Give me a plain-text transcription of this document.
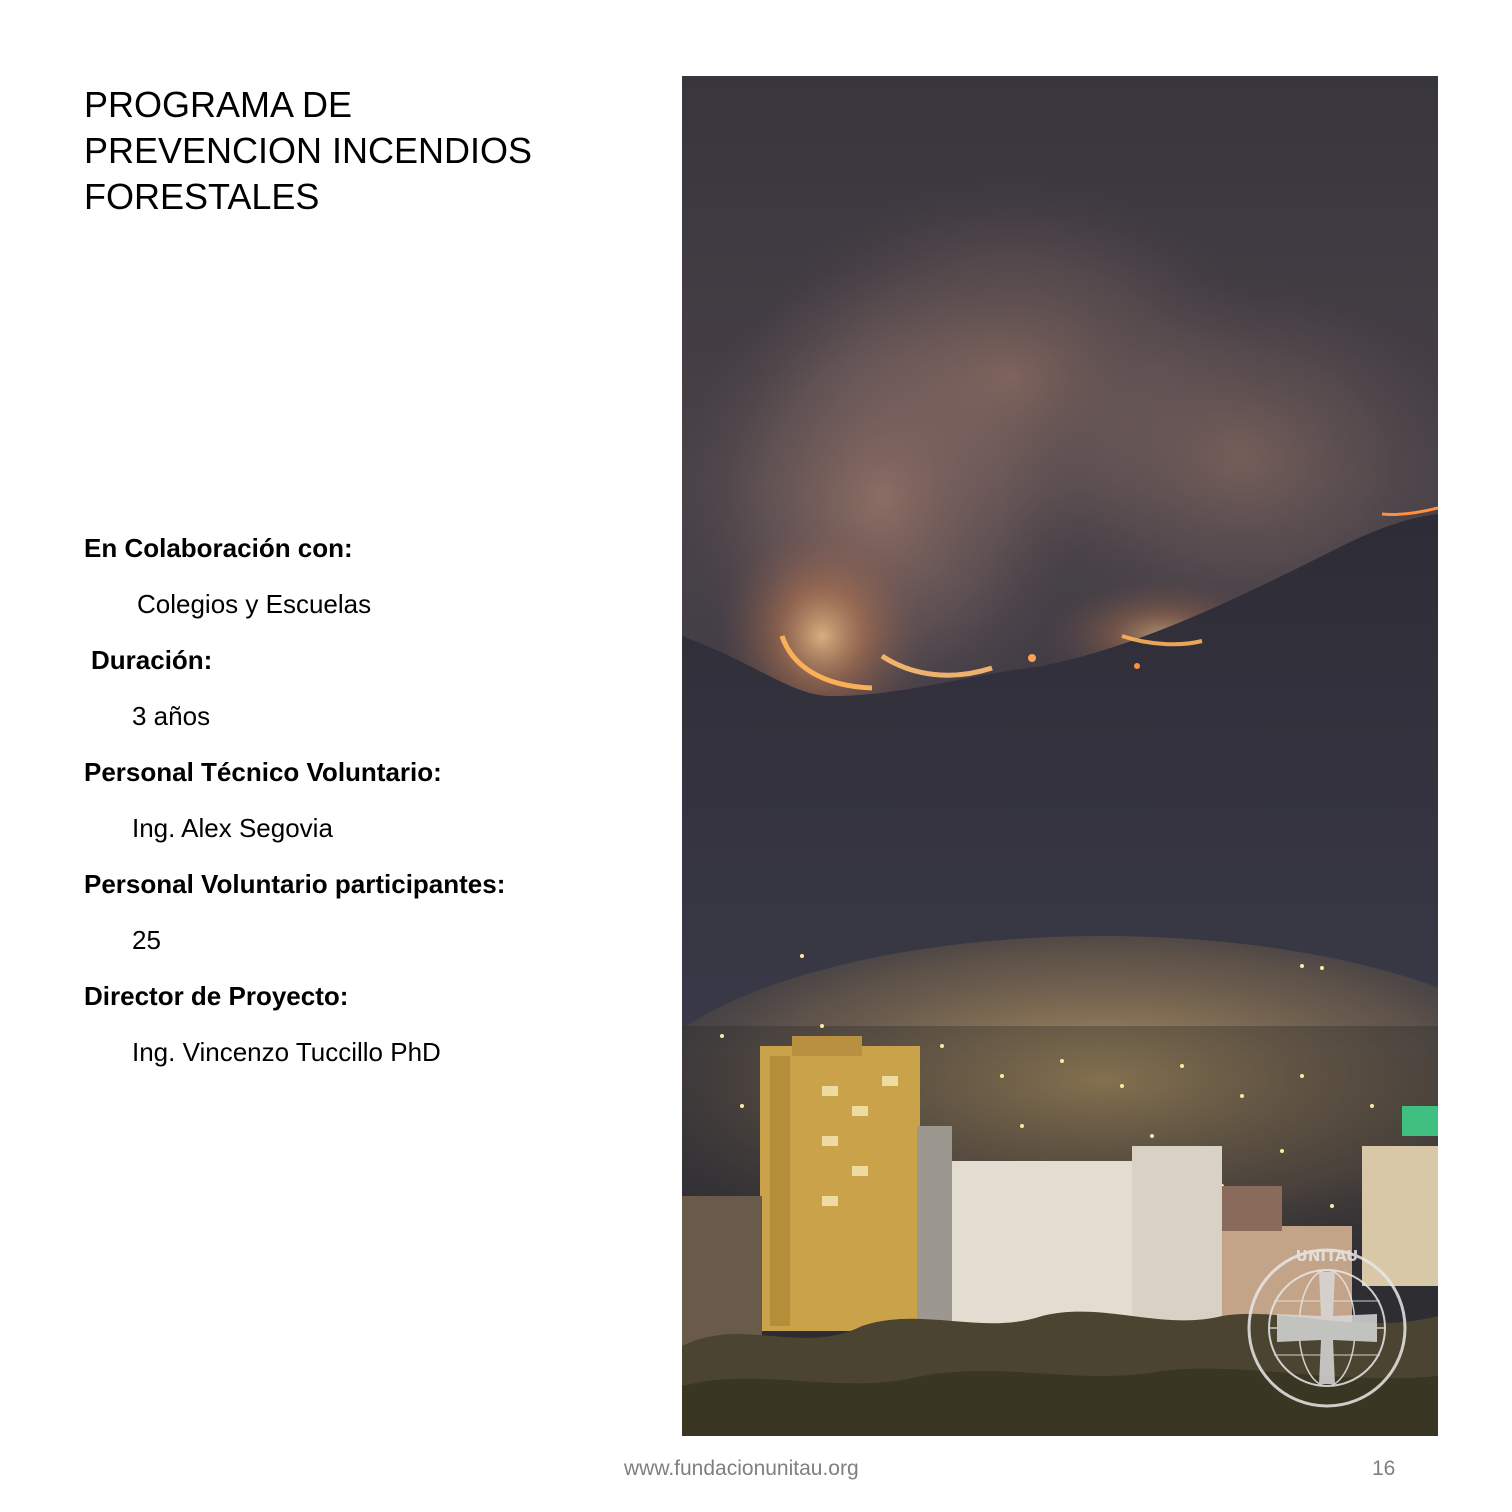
PROGRAMA DE
PREVENCION INCENDIOS
FORESTALES
En Colaboración con:
Colegios y Escuelas
Duración:
3 años
Personal Técnico Voluntario:
Ing. Alex Segovia
Personal Voluntario participantes:
25
Director de Proyecto:
Ing. Vincenzo Tuccillo PhD
UNITAU
www.fundacionunitau.org	16
